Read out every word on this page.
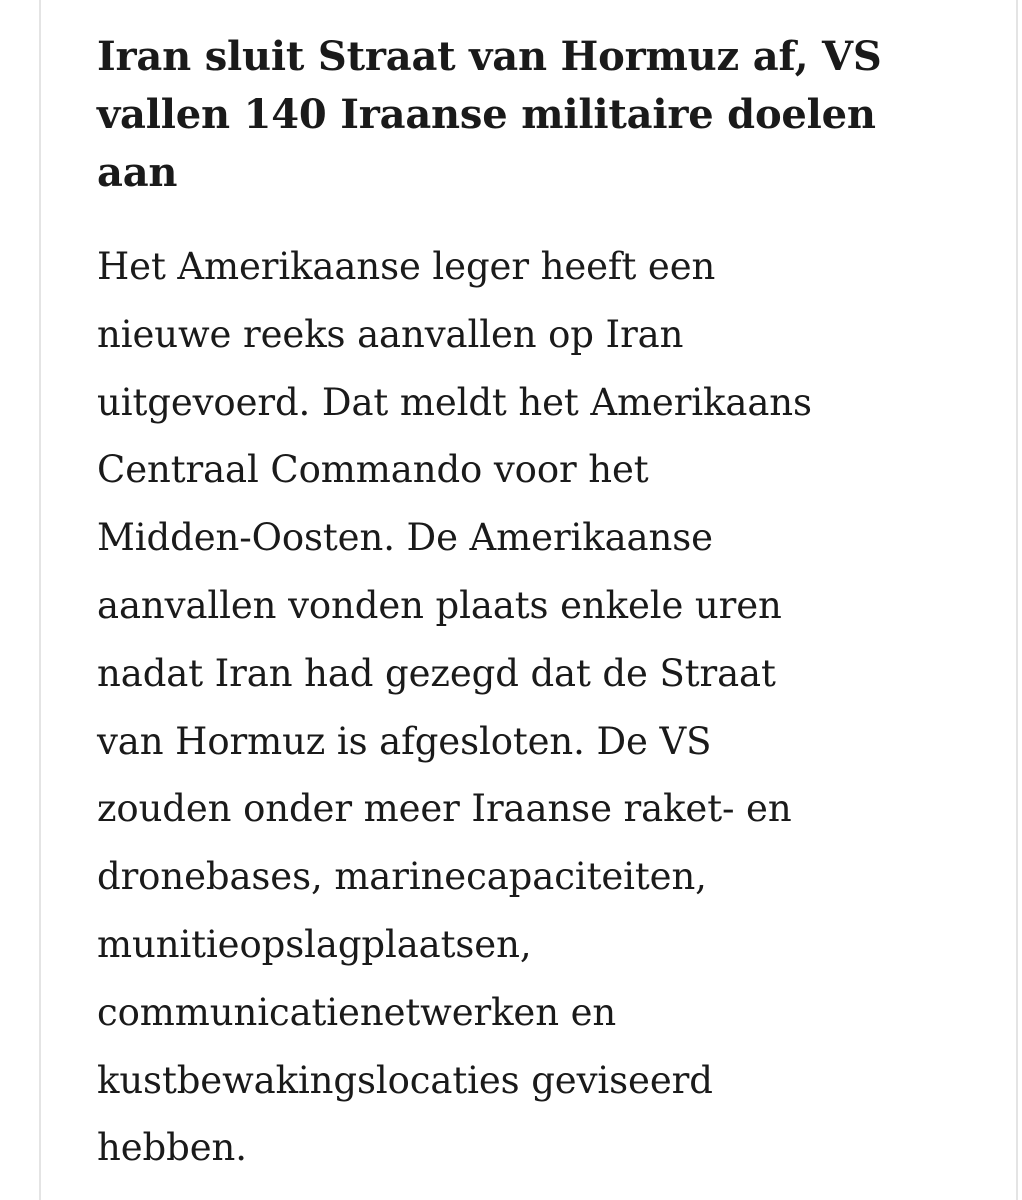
Iran sluit Straat van Hormuz af, VS
vallen 140 Iraanse militaire doelen
aan

Het Amerikaanse leger heeft een
nieuwe reeks aanvallen op Iran
uitgevoerd. Dat meldt het Amerikaans
Centraal Commando voor het
Midden-Oosten. De Amerikaanse
aanvallen vonden plaats enkele uren
nadat Iran had gezegd dat de Straat
van Hormuz is afgesloten. De VS
zouden onder meer Iraanse raket- en
dronebases, marinecapaciteiten,
munitieopslagplaatsen,
communicatienetwerken en
kustbewakingslocaties geviseerd
hebben.
